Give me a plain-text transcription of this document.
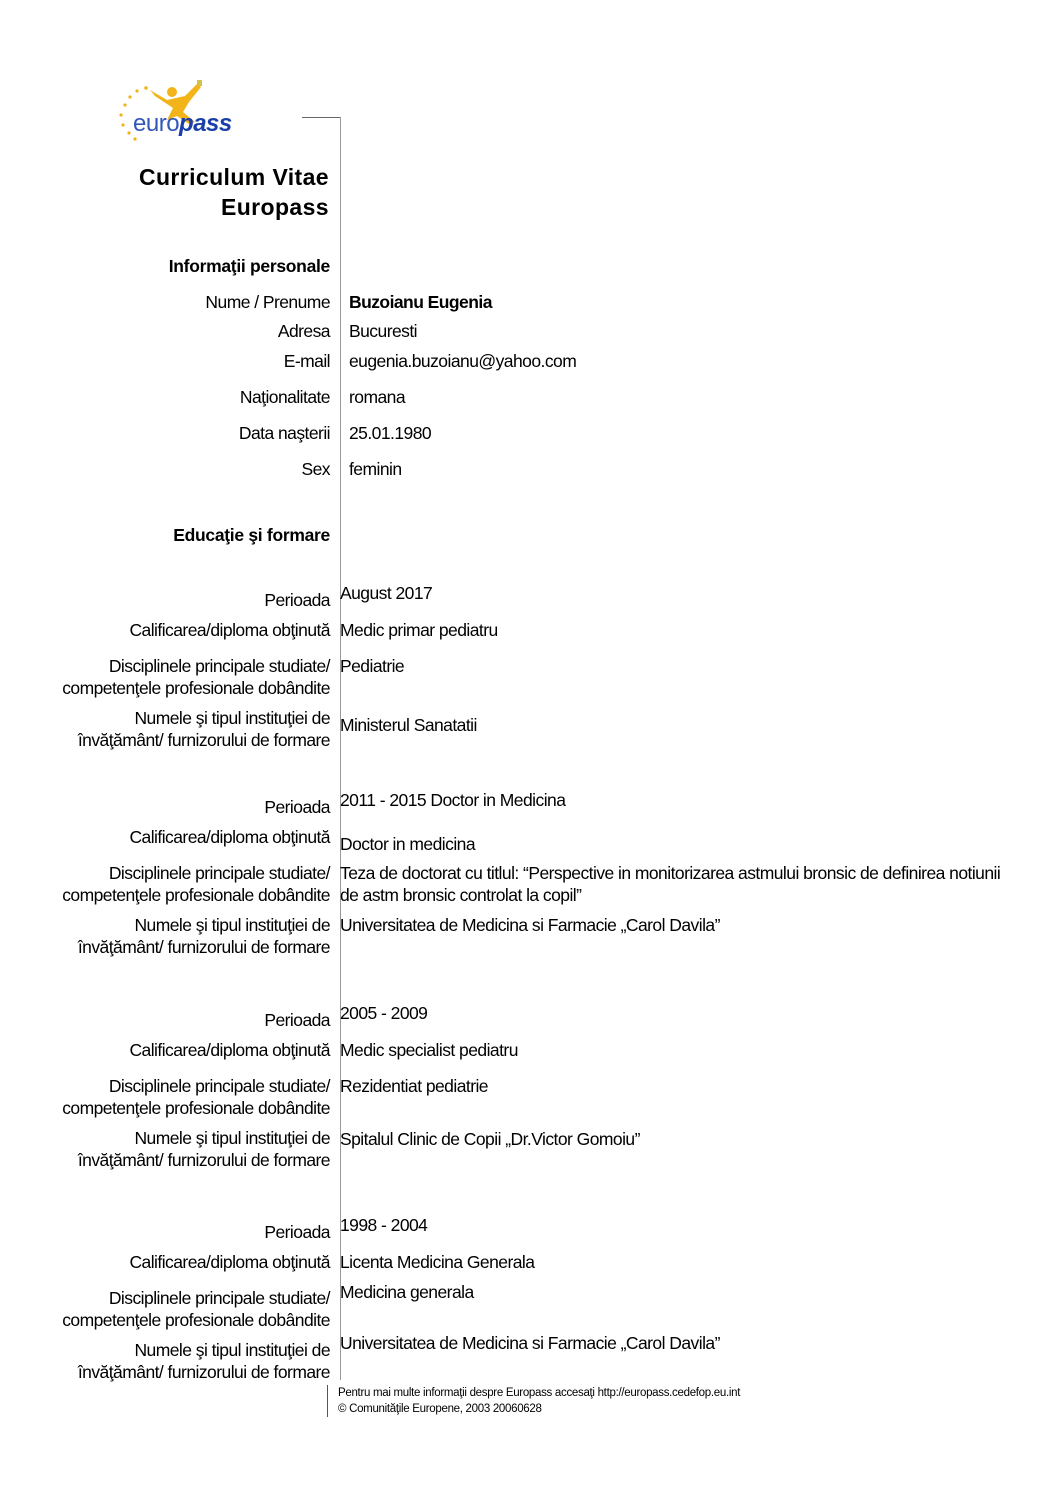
europass
Curriculum Vitae
Europass
Informaţii personale
Nume / Prenume Buzoianu Eugenia
Adresa Bucuresti
E-mail eugenia.buzoianu@yahoo.com
Naţionalitate romana
Data naşterii 25.01.1980
Sex feminin
Educaţie şi formare
Perioada August 2017
Calificarea/diploma obţinută Medic primar pediatru
Disciplinele principale studiate/
competenţele profesionale dobândite
Pediatrie
Numele şi tipul instituţiei de
învăţământ/ furnizorului de formare
Ministerul Sanatatii
Perioada 2011 - 2015 Doctor in Medicina
Calificarea/diploma obţinută Doctor in medicina
Disciplinele principale studiate/
competenţele profesionale dobândite
Teza de doctorat cu titlul: “Perspective in monitorizarea astmului bronsic de definirea notiunii
de astm bronsic controlat la copil”
Numele şi tipul instituţiei de
învăţământ/ furnizorului de formare
Universitatea de Medicina si Farmacie „Carol Davila”
Perioada 2005 - 2009
Calificarea/diploma obţinută Medic specialist pediatru
Disciplinele principale studiate/
competenţele profesionale dobândite
Rezidentiat pediatrie
Numele şi tipul instituţiei de
învăţământ/ furnizorului de formare
Spitalul Clinic de Copii „Dr.Victor Gomoiu”
Perioada 1998 - 2004
Calificarea/diploma obţinută Licenta Medicina Generala
Disciplinele principale studiate/
competenţele profesionale dobândite
Medicina generala
Numele şi tipul instituţiei de
învăţământ/ furnizorului de formare
Universitatea de Medicina si Farmacie „Carol Davila”
Pentru mai multe informaţii despre Europass accesaţi http://europass.cedefop.eu.int
© Comunităţile Europene, 2003 20060628
